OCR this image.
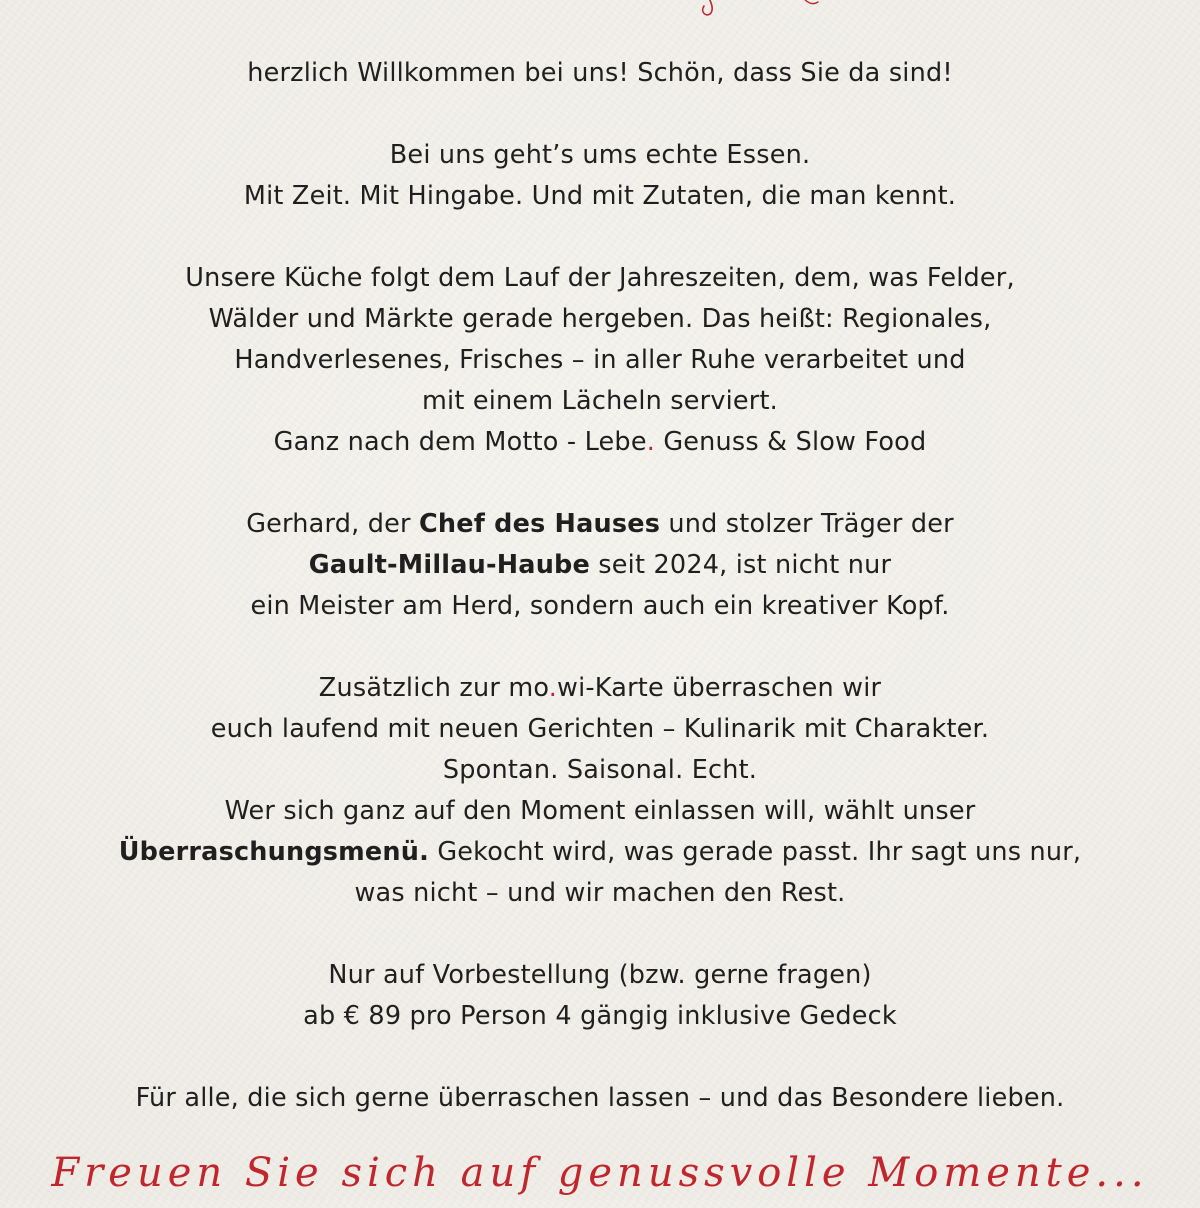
herzlich Willkommen bei uns! Schön, dass Sie da sind!
Bei uns geht’s ums echte Essen.
Mit Zeit. Mit Hingabe. Und mit Zutaten, die man kennt.
Unsere Küche folgt dem Lauf der Jahreszeiten, dem, was Felder,
Wälder und Märkte gerade hergeben. Das heißt: Regionales,
Handverlesenes, Frisches – in aller Ruhe verarbeitet und
mit einem Lächeln serviert.
Ganz nach dem Motto - Lebe. Genuss & Slow Food
Gerhard, der Chef des Hauses und stolzer Träger der
Gault-Millau-Haube seit 2024, ist nicht nur
ein Meister am Herd, sondern auch ein kreativer Kopf.
Zusätzlich zur mo.wi-Karte überraschen wir
euch laufend mit neuen Gerichten – Kulinarik mit Charakter.
Spontan. Saisonal. Echt.
Wer sich ganz auf den Moment einlassen will, wählt unser
Überraschungsmenü. Gekocht wird, was gerade passt. Ihr sagt uns nur,
was nicht – und wir machen den Rest.
Nur auf Vorbestellung (bzw. gerne fragen)
ab € 89 pro Person 4 gängig inklusive Gedeck
Für alle, die sich gerne überraschen lassen – und das Besondere lieben.
Freuen Sie sich auf genussvolle Momente...
